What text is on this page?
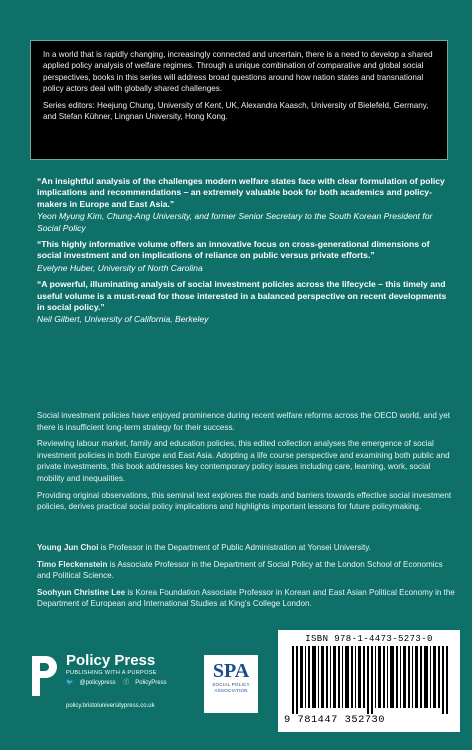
In a world that is rapidly changing, increasingly connected and uncertain, there is a need to develop a shared applied policy analysis of welfare regimes. Through a unique combination of comparative and global social perspectives, books in this series will address broad questions around how nation states and transnational policy actors deal with globally shared challenges.

Series editors: Heejung Chung, University of Kent, UK, Alexandra Kaasch, University of Bielefeld, Germany, and Stefan Kühner, Lingnan University, Hong Kong.

“An insightful analysis of the challenges modern welfare states face with clear formulation of policy implications and recommendations – an extremely valuable book for both academics and policy-makers in Europe and East Asia.”
Yeon Myung Kim, Chung-Ang University, and former Senior Secretary to the South Korean President for Social Policy
“This highly informative volume offers an innovative focus on cross-generational dimensions of social investment and on implications of reliance on public versus private efforts.”
Evelyne Huber, University of North Carolina
“A powerful, illuminating analysis of social investment policies across the lifecycle – this timely and useful volume is a must-read for those interested in a balanced perspective on recent developments in social policy.”
Neil Gilbert, University of California, Berkeley

Social investment policies have enjoyed prominence during recent welfare reforms across the OECD world, and yet there is insufficient long-term strategy for their success.

Reviewing labour market, family and education policies, this edited collection analyses the emergence of social investment policies in both Europe and East Asia. Adopting a life course perspective and examining both public and private investments, this book addresses key contemporary policy issues including care, learning, work, social mobility and inequalities.

Providing original observations, this seminal text explores the roads and barriers towards effective social investment policies, derives practical social policy implications and highlights important lessons for future policymaking.

Young Jun Choi is Professor in the Department of Public Administration at Yonsei University.

Timo Fleckenstein is Associate Professor in the Department of Social Policy at the London School of Economics and Political Science.

Soohyun Christine Lee is Korea Foundation Associate Professor in Korean and East Asian Political Economy in the Department of European and International Studies at King’s College London.

Policy Press
PUBLISHING WITH A PURPOSE
🐦 @policypress ⓕ PolicyPress
policy.bristoluniversitypress.co.uk
SPA
SOCIAL POLICY
ASSOCIATION
ISBN 978-1-4473-5273-0
9 781447 352730
